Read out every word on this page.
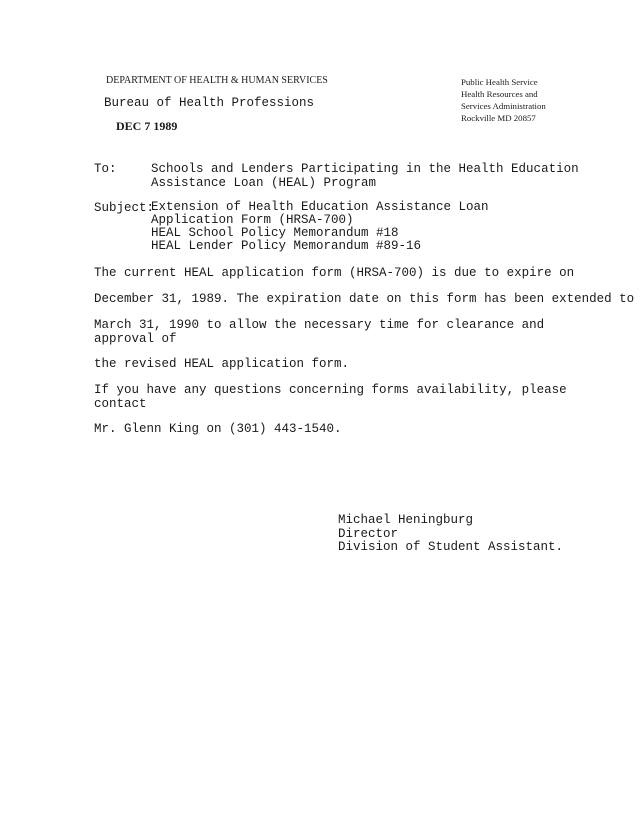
DEPARTMENT OF HEALTH & HUMAN SERVICES
Bureau of Health Professions
DEC 7 1989
Public Health Service
Health Resources and
Services Administration
Rockville MD 20857
To:	Schools and Lenders Participating in the Health Education
Assistance Loan (HEAL) Program
Subject:
Extension of Health Education Assistance Loan
Application Form (HRSA-700)
HEAL School Policy Memorandum #18
HEAL Lender Policy Memorandum #89-16
The current HEAL application form (HRSA-700) is due to expire on
December 31, 1989. The expiration date on this form has been extended to
March 31, 1990 to allow the necessary time for clearance and
approval of
the revised HEAL application form.
If you have any questions concerning forms availability, please
contact
Mr. Glenn King on (301) 443-1540.
Michael Heningburg
Director
Division of Student Assistant.
